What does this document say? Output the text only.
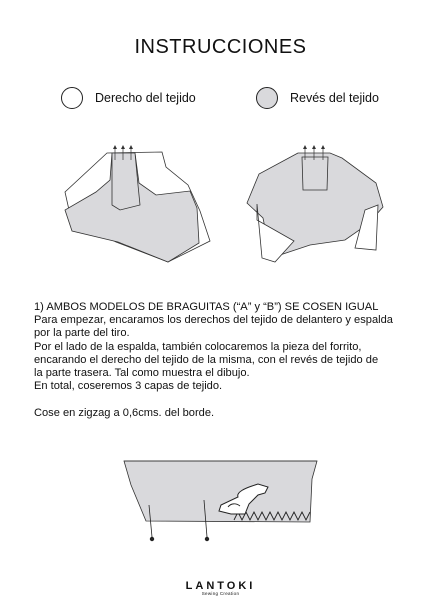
INSTRUCCIONES
Derecho del tejido	Revés del tejido

1) AMBOS MODELOS DE BRAGUITAS (“A” y “B”) SE COSEN IGUAL

Para empezar, encaramos los derechos del tejido de delantero y espalda

por la parte del tiro.

Por el lado de la espalda, también colocaremos la pieza del forrito,

encarando el derecho del tejido de la misma, con el revés de tejido de

la parte trasera. Tal como muestra el dibujo.

En total, coseremos 3 capas de tejido.

Cose en zigzag a 0,6cms. del borde.

LANTOKI
Sewing Creation
